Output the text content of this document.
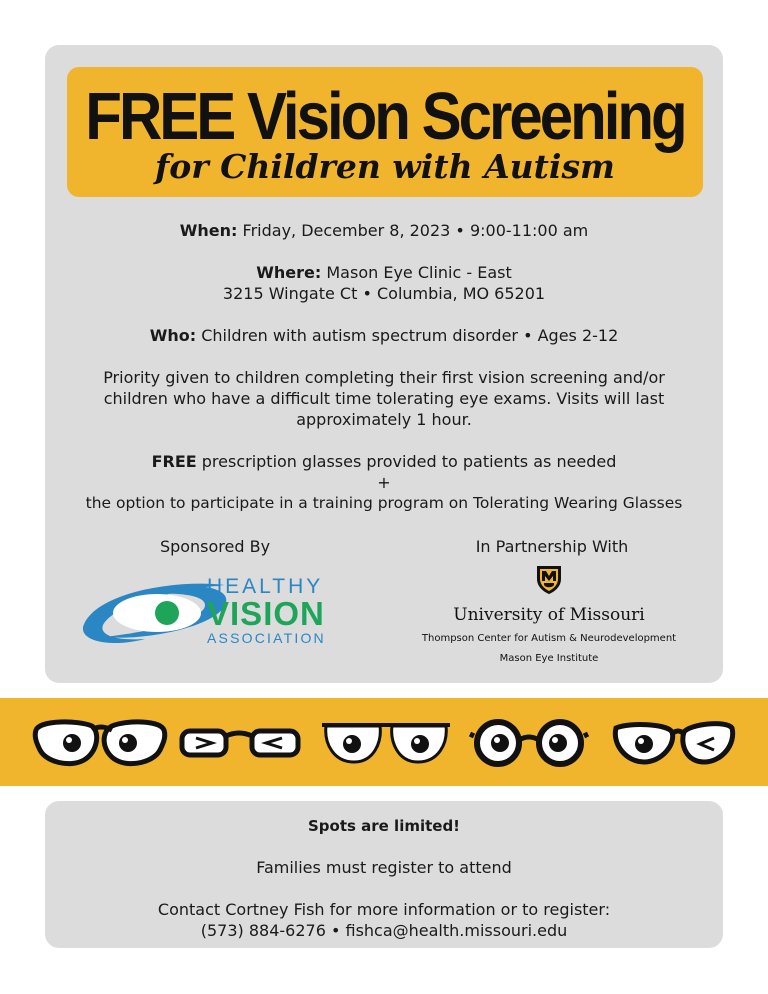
FREE Vision Screening
for Children with Autism
When: Friday, December 8, 2023 • 9:00-11:00 am
Where: Mason Eye Clinic - East
3215 Wingate Ct • Columbia, MO 65201
Who: Children with autism spectrum disorder • Ages 2-12
Priority given to children completing their first vision screening and/or
children who have a difficult time tolerating eye exams. Visits will last
approximately 1 hour.
FREE prescription glasses provided to patients as needed
+
the option to participate in a training program on Tolerating Wearing Glasses
Sponsored By	In Partnership With
HEALTHY
VISION
ASSOCIATION
University of Missouri
Thompson Center for Autism & Neurodevelopment
Mason Eye Institute
Spots are limited!
Families must register to attend
Contact Cortney Fish for more information or to register:
(573) 884-6276 • fishca@health.missouri.edu
